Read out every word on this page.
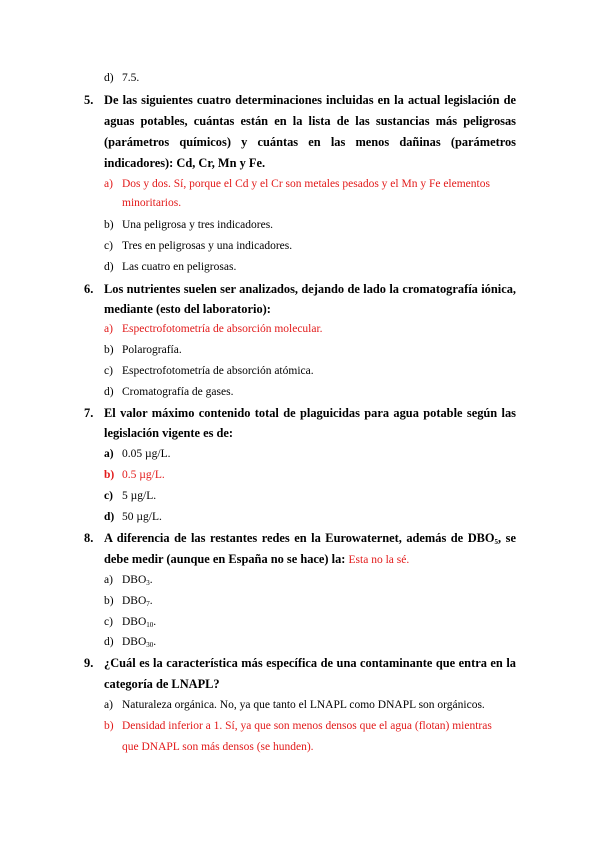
d) 7.5.
5. De las siguientes cuatro determinaciones incluidas en la actual legislación de
aguas potables, cuántas están en la lista de las sustancias más peligrosas
(parámetros químicos) y cuántas en las menos dañinas (parámetros
indicadores): Cd, Cr, Mn y Fe.
a) Dos y dos. Sí, porque el Cd y el Cr son metales pesados y el Mn y Fe elementos
minoritarios.
b) Una peligrosa y tres indicadores.
c) Tres en peligrosas y una indicadores.
d) Las cuatro en peligrosas.
6. Los nutrientes suelen ser analizados, dejando de lado la cromatografía iónica,
mediante (esto del laboratorio):
a) Espectrofotometría de absorción molecular.
b) Polarografía.
c) Espectrofotometría de absorción atómica.
d) Cromatografía de gases.
7. El valor máximo contenido total de plaguicidas para agua potable según las
legislación vigente es de:
a) 0.05 µg/L.
b) 0.5 µg/L.
c) 5 µg/L.
d) 50 µg/L.
8. A diferencia de las restantes redes en la Eurowaternet, además de $DBO_5$, se
debe medir (aunque en España no se hace) la: Esta no la sé.
a) $DBO_3$.
b) $DBO_7$.
c) $DBO_{10}$.
d) $DBO_{30}$.
9. ¿Cuál es la característica más específica de una contaminante que entra en la
categoría de LNAPL?
a) Naturaleza orgánica. No, ya que tanto el LNAPL como DNAPL son orgánicos.
b) Densidad inferior a 1. Sí, ya que son menos densos que el agua (flotan) mientras
que DNAPL son más densos (se hunden).
